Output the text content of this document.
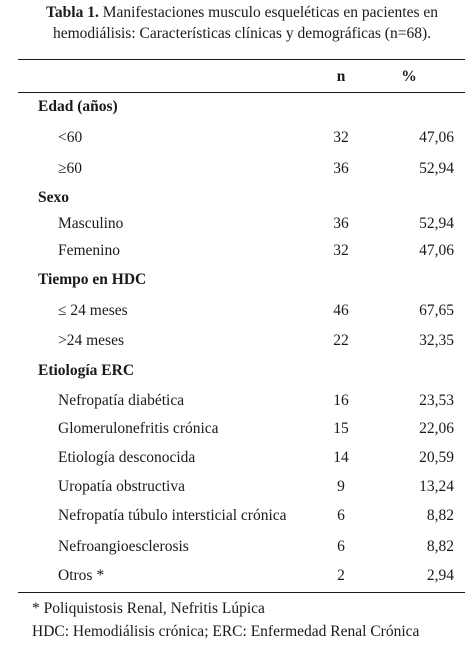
Tabla 1. Manifestaciones musculo esqueléticas en pacientes en hemodiálisis: Características clínicas y demográficas (n=68).
n	%
Edad (años)
<60	32	47,06
≥60	36	52,94
Sexo
Masculino	36	52,94
Femenino	32	47,06
Tiempo en HDC
≤ 24 meses	46	67,65
>24 meses	22	32,35
Etiología ERC
Nefropatía diabética	16	23,53
Glomerulonefritis crónica	15	22,06
Etiología desconocida	14	20,59
Uropatía obstructiva	9	13,24
Nefropatía túbulo intersticial crónica	6	8,82
Nefroangioesclerosis	6	8,82
Otros *	2	2,94
* Poliquistosis Renal, Nefritis Lúpica
HDC: Hemodiálisis crónica; ERC: Enfermedad Renal Crónica
